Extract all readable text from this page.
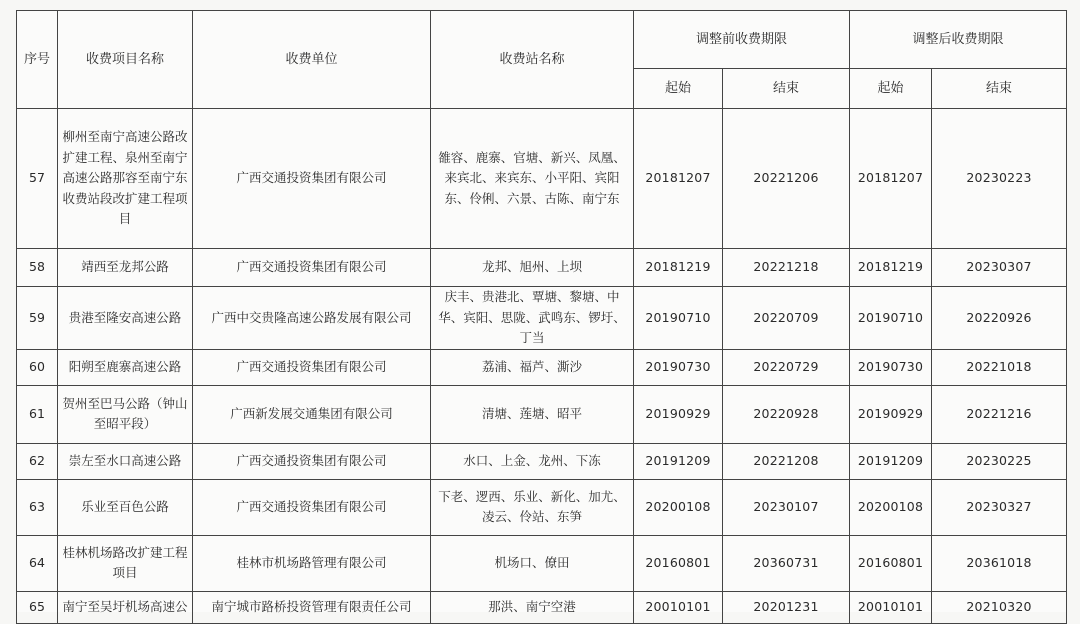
序号	收费项目名称	收费单位	收费站名称	调整前收费期限		调整后收费期限	
				起始	结束	起始	结束
57	柳州至南宁高速公路改扩建工程、泉州至南宁高速公路那容至南宁东收费站段改扩建工程项目	广西交通投资集团有限公司	雒容、鹿寨、官塘、新兴、凤凰、来宾北、来宾东、小平阳、宾阳东、伶俐、六景、古陈、南宁东	20181207	20221206	20181207	20230223
58	靖西至龙邦公路	广西交通投资集团有限公司	龙邦、旭州、上坝	20181219	20221218	20181219	20230307
59	贵港至隆安高速公路	广西中交贵隆高速公路发展有限公司	庆丰、贵港北、覃塘、黎塘、中华、宾阳、思陇、武鸣东、锣圩、丁当	20190710	20220709	20190710	20220926
60	阳朔至鹿寨高速公路	广西交通投资集团有限公司	荔浦、福芦、澌沙	20190730	20220729	20190730	20221018
61	贺州至巴马公路（钟山至昭平段）	广西新发展交通集团有限公司	清塘、莲塘、昭平	20190929	20220928	20190929	20221216
62	崇左至水口高速公路	广西交通投资集团有限公司	水口、上金、龙州、下冻	20191209	20221208	20191209	20230225
63	乐业至百色公路	广西交通投资集团有限公司	下老、逻西、乐业、新化、加尤、凌云、伶站、东笋	20200108	20230107	20200108	20230327
64	桂林机场路改扩建工程项目	桂林市机场路管理有限公司	机场口、僚田	20160801	20360731	20160801	20361018
65	南宁至吴圩机场高速公	南宁城市路桥投资管理有限责任公司	那洪、南宁空港	20010101	20201231	20010101	20210320
